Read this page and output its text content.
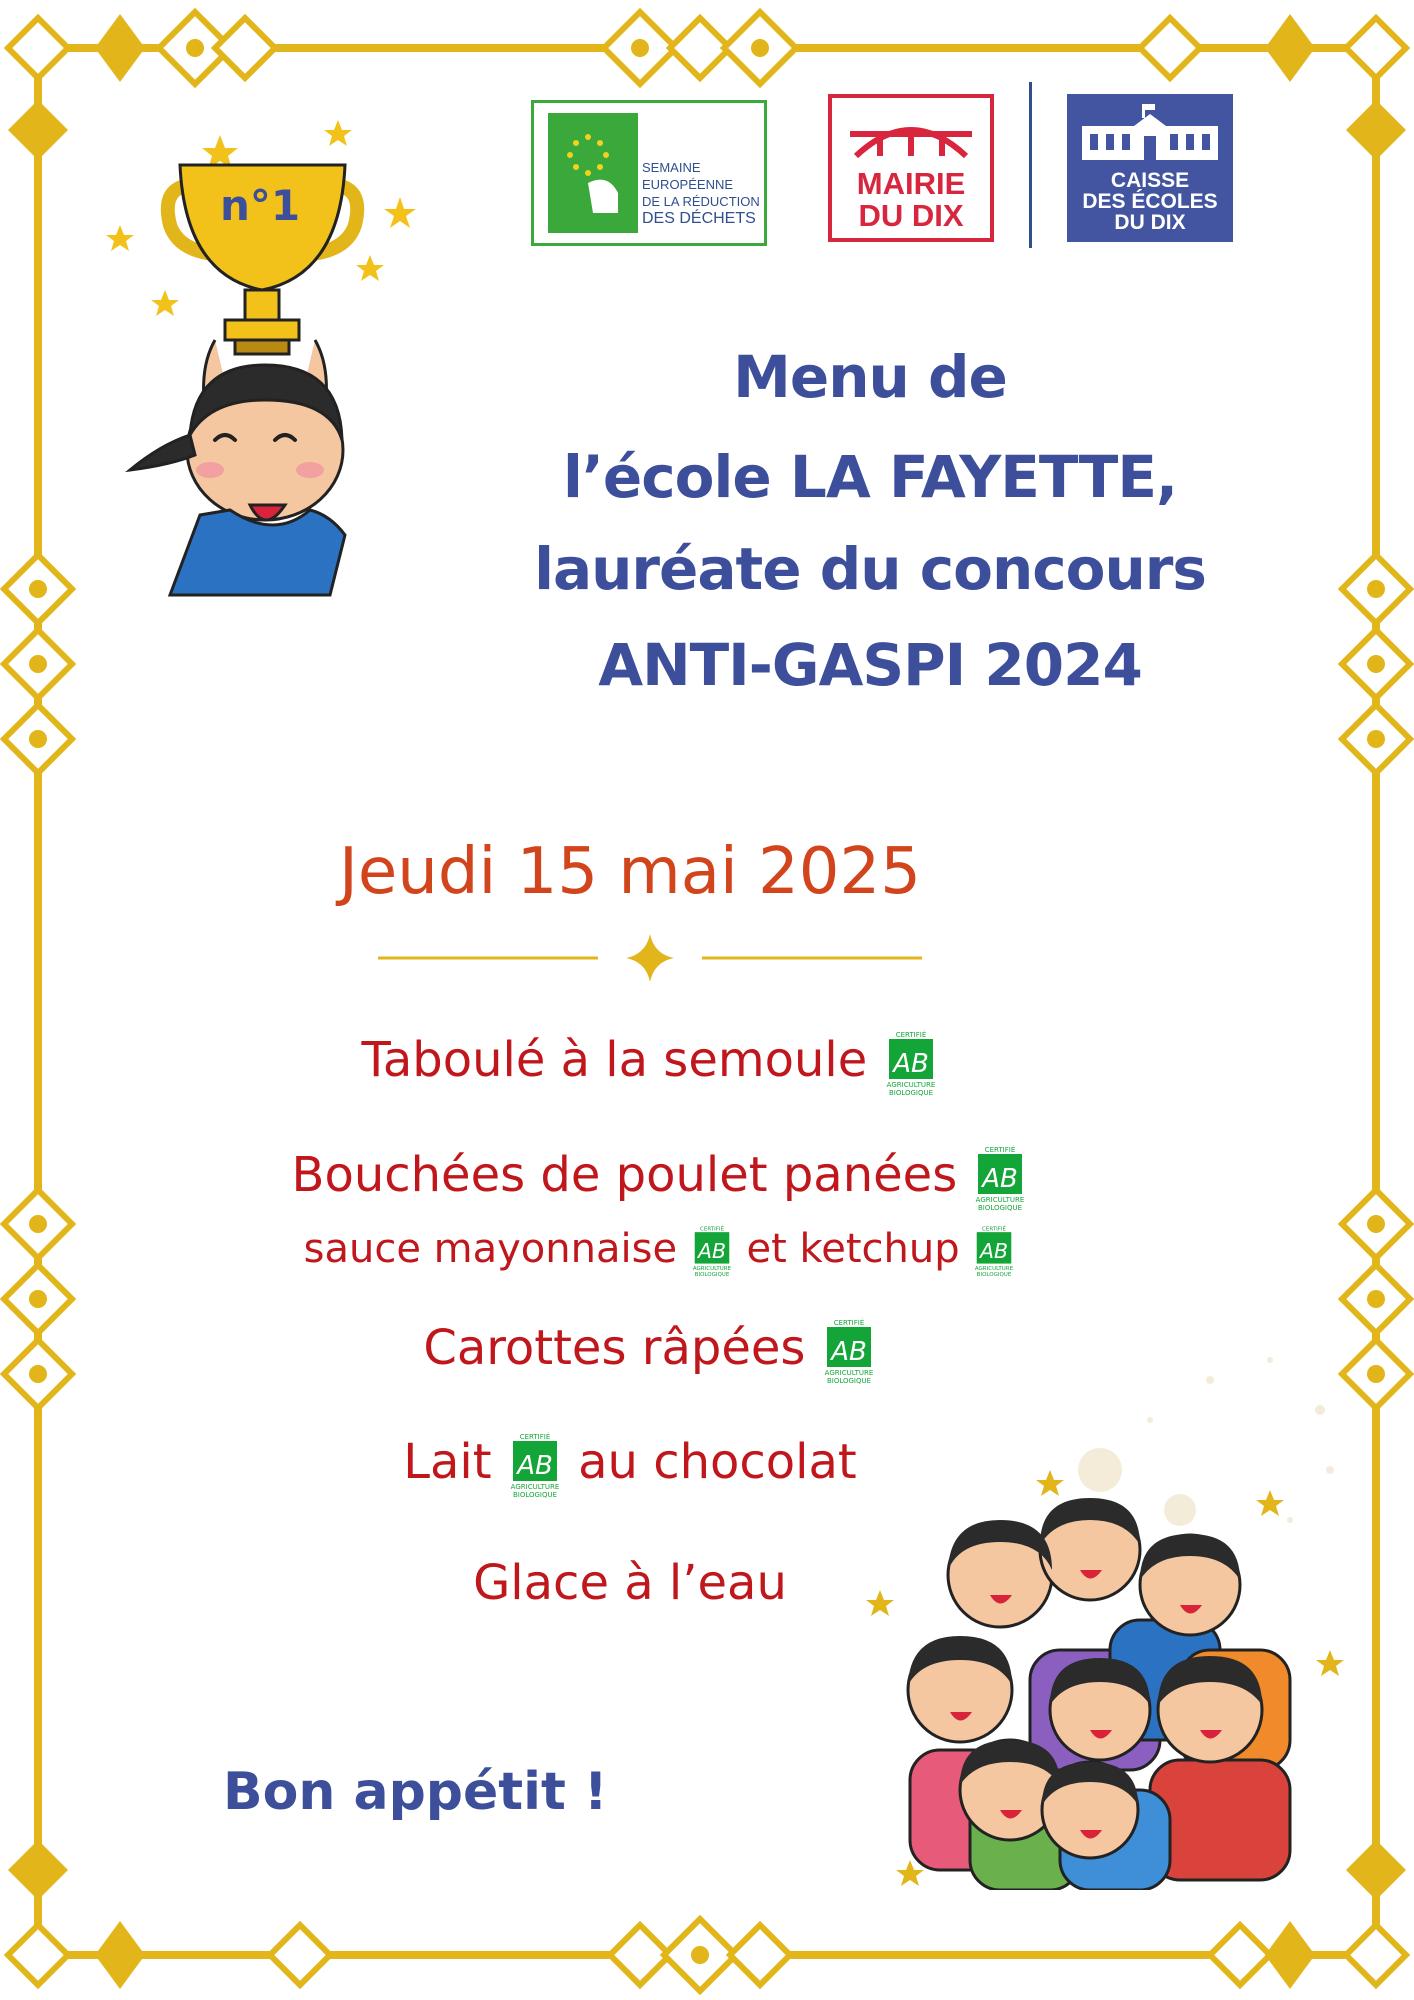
n°1
SEMAINE EUROPÉENNE
DE LA RÉDUCTION
DES DÉCHETS
MAIRIE
DU DIX
CAISSE
DES ÉCOLES
DU DIX
Menu de
l’école LA FAYETTE,
lauréate du concours
ANTI-GASPI 2024
Jeudi 15 mai 2025
Taboulé à la semoule	CERTIFIÉ
AB
AGRICULTURE
BIOLOGIQUE
Bouchées de poulet panées	CERTIFIÉ
AB
AGRICULTURE
BIOLOGIQUE
sauce mayonnaise	CERTIFIÉ
AB
AGRICULTURE
BIOLOGIQUE
et ketchup	CERTIFIÉ
AB
AGRICULTURE
BIOLOGIQUE
Carottes râpées	CERTIFIÉ
AB
AGRICULTURE
BIOLOGIQUE
Lait	CERTIFIÉ
AB
AGRICULTURE
BIOLOGIQUE
au chocolat
Glace à l’eau
Bon appétit !
